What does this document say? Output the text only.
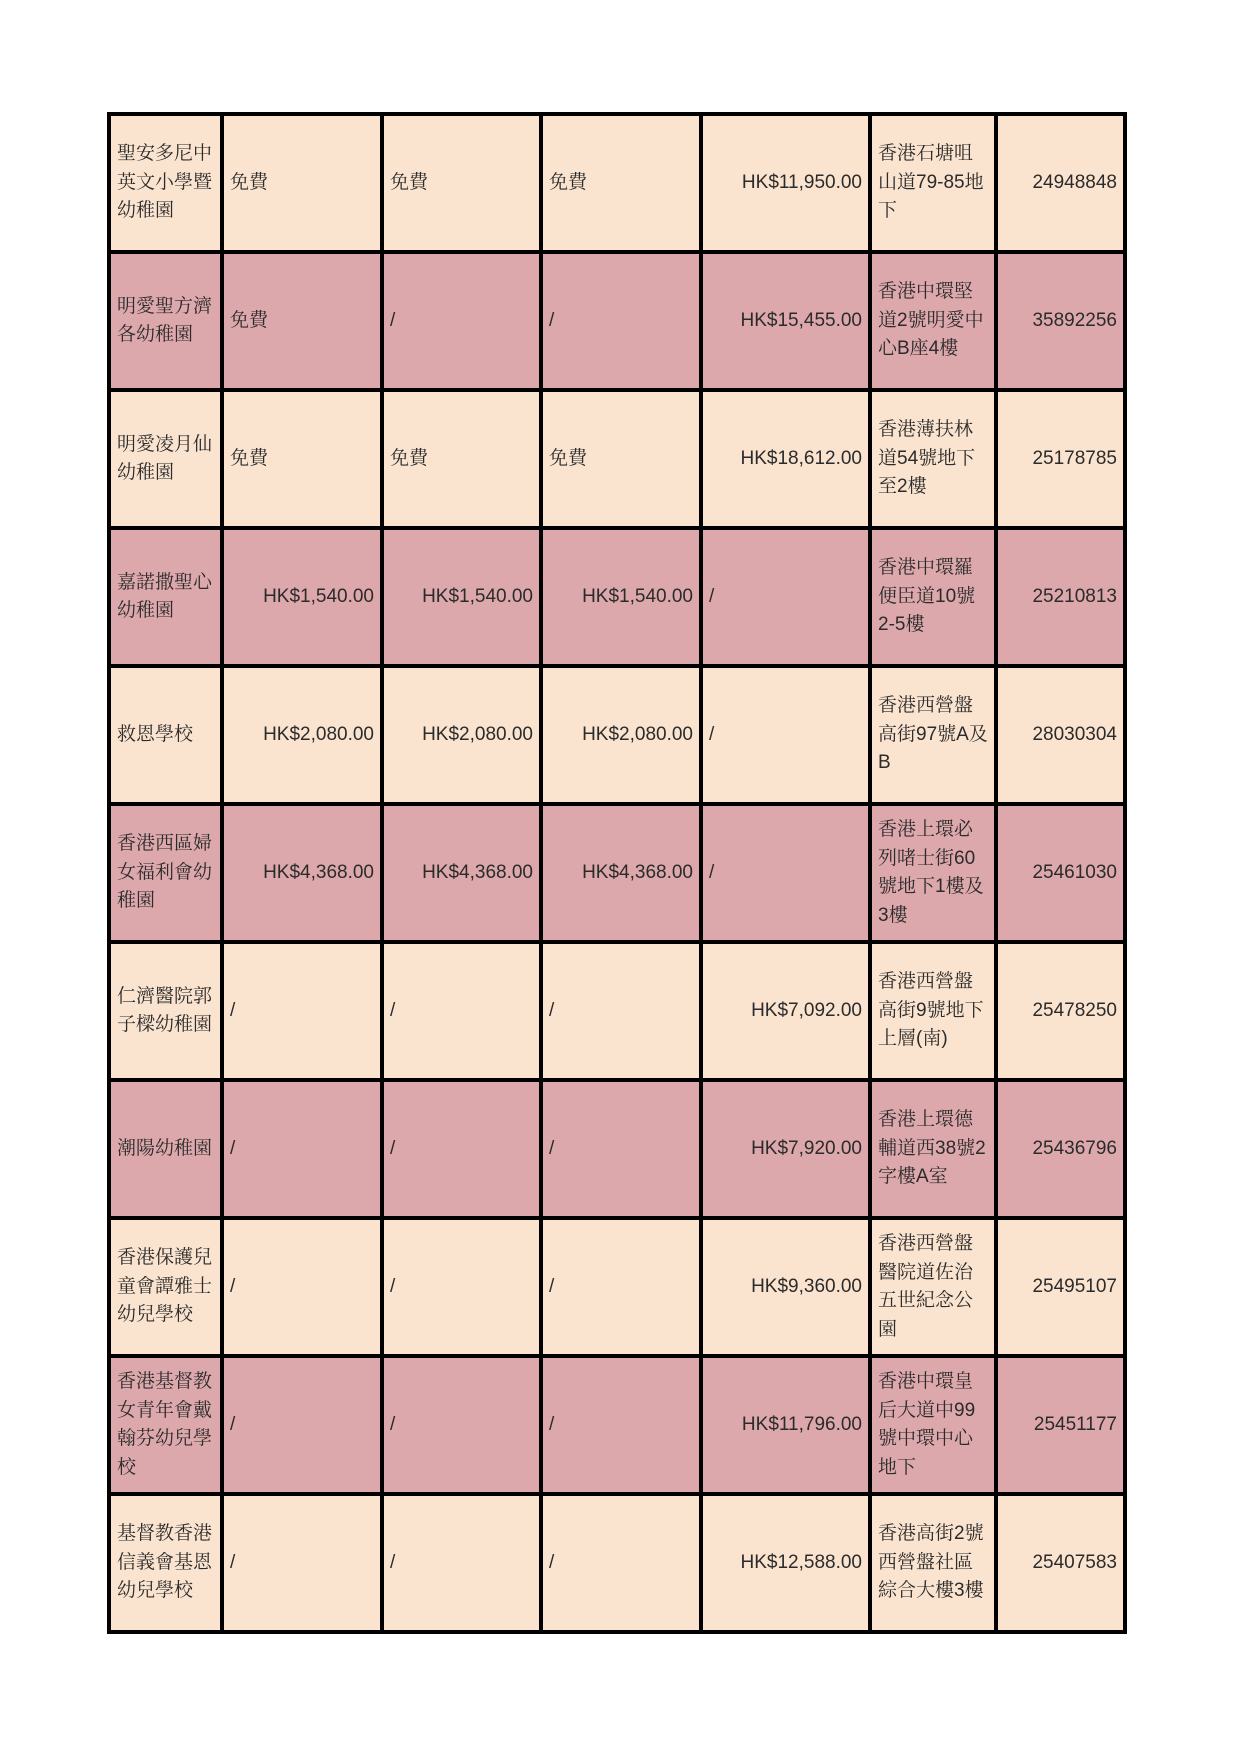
聖安多尼中英文小學暨幼稚園	免費	免費	免費	HK$11,950.00	香港石塘咀山道79-85地下	24948848
明愛聖方濟各幼稚園	免費	/	/	HK$15,455.00	香港中環堅道2號明愛中心B座4樓	35892256
明愛凌月仙幼稚園	免費	免費	免費	HK$18,612.00	香港薄扶林道54號地下至2樓	25178785
嘉諾撒聖心幼稚園	HK$1,540.00	HK$1,540.00	HK$1,540.00	/	香港中環羅便臣道10號2-5樓	25210813
救恩學校	HK$2,080.00	HK$2,080.00	HK$2,080.00	/	香港西營盤高街97號A及B	28030304
香港西區婦女福利會幼稚園	HK$4,368.00	HK$4,368.00	HK$4,368.00	/	香港上環必列啫士街60號地下1樓及3樓	25461030
仁濟醫院郭子樑幼稚園	/	/	/	HK$7,092.00	香港西營盤高街9號地下上層(南)	25478250
潮陽幼稚園	/	/	/	HK$7,920.00	香港上環德輔道西38號2字樓A室	25436796
香港保護兒童會譚雅士幼兒學校	/	/	/	HK$9,360.00	香港西營盤醫院道佐治五世紀念公園	25495107
香港基督教女青年會戴翰芬幼兒學校	/	/	/	HK$11,796.00	香港中環皇后大道中99號中環中心地下	25451177
基督教香港信義會基恩幼兒學校	/	/	/	HK$12,588.00	香港高街2號西營盤社區綜合大樓3樓	25407583
